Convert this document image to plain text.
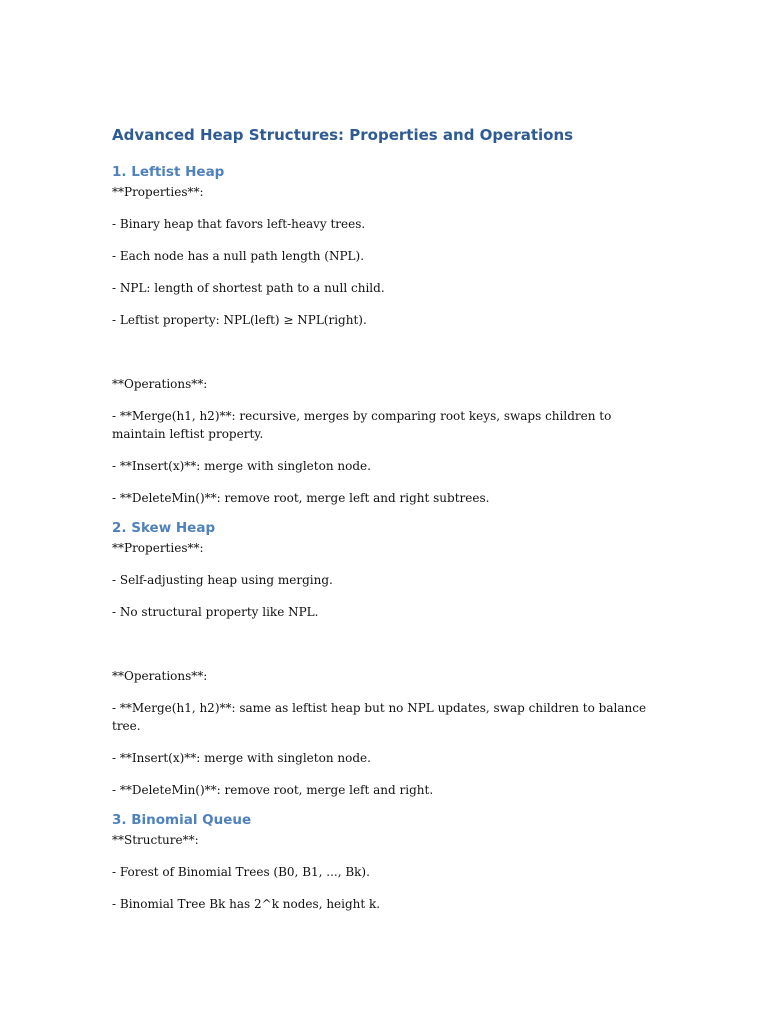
Advanced Heap Structures: Properties and Operations
1. Leftist Heap
**Properties**:
- Binary heap that favors left-heavy trees.
- Each node has a null path length (NPL).
- NPL: length of shortest path to a null child.
- Leftist property: NPL(left) ≥ NPL(right).
**Operations**:
- **Merge(h1, h2)**: recursive, merges by comparing root keys, swaps children to maintain leftist property.
- **Insert(x)**: merge with singleton node.
- **DeleteMin()**: remove root, merge left and right subtrees.
2. Skew Heap
**Properties**:
- Self-adjusting heap using merging.
- No structural property like NPL.
**Operations**:
- **Merge(h1, h2)**: same as leftist heap but no NPL updates, swap children to balance tree.
- **Insert(x)**: merge with singleton node.
- **DeleteMin()**: remove root, merge left and right.
3. Binomial Queue
**Structure**:
- Forest of Binomial Trees (B0, B1, ..., Bk).
- Binomial Tree Bk has 2^k nodes, height k.
